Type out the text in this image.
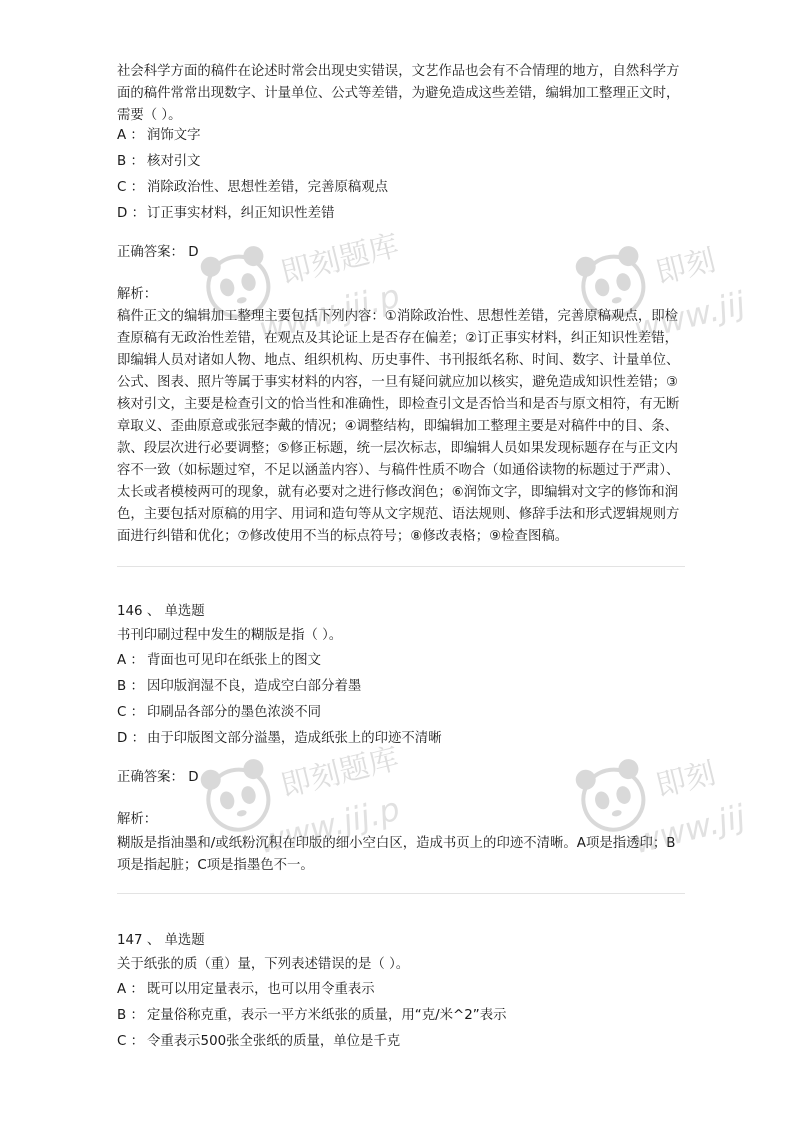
社会科学方面的稿件在论述时常会出现史实错误，文艺作品也会有不合情理的地方，自然科学方面的稿件常常出现数字、计量单位、公式等差错，为避免造成这些差错，编辑加工整理正文时，需要（ ）。

A ： 润饰文字

B ： 核对引文

C ： 消除政治性、思想性差错，完善原稿观点

D ： 订正事实材料，纠正知识性差错

正确答案： D

解析：

稿件正文的编辑加工整理主要包括下列内容：①消除政治性、思想性差错，完善原稿观点，即检查原稿有无政治性差错，在观点及其论证上是否存在偏差；②订正事实材料，纠正知识性差错，即编辑人员对诸如人物、地点、组织机构、历史事件、书刊报纸名称、时间、数字、计量单位、公式、图表、照片等属于事实材料的内容，一旦有疑问就应加以核实，避免造成知识性差错；③核对引文，主要是检查引文的恰当性和准确性，即检查引文是否恰当和是否与原文相符，有无断章取义、歪曲原意或张冠李戴的情况；④调整结构，即编辑加工整理主要是对稿件中的目、条、款、段层次进行必要调整；⑤修正标题，统一层次标志，即编辑人员如果发现标题存在与正文内容不一致（如标题过窄，不足以涵盖内容）、与稿件性质不吻合（如通俗读物的标题过于严肃）、太长或者模棱两可的现象，就有必要对之进行修改润色；⑥润饰文字，即编辑对文字的修饰和润色，主要包括对原稿的用字、用词和造句等从文字规范、语法规则、修辞手法和形式逻辑规则方面进行纠错和优化；⑦修改使用不当的标点符号；⑧修改表格；⑨检查图稿。

146 、 单选题

书刊印刷过程中发生的糊版是指（ ）。

A ： 背面也可见印在纸张上的图文

B ： 因印版润湿不良，造成空白部分着墨

C ： 印刷品各部分的墨色浓淡不同

D ： 由于印版图文部分溢墨，造成纸张上的印迹不清晰

正确答案： D

解析：

糊版是指油墨和/或纸粉沉积在印版的细小空白区，造成书页上的印迹不清晰。A项是指透印；B项是指起脏；C项是指墨色不一。

147 、 单选题

关于纸张的质（重）量，下列表述错误的是（ ）。

A ： 既可以用定量表示，也可以用令重表示

B ： 定量俗称克重，表示一平方米纸张的质量，用“克/米^2”表示

C ： 令重表示500张全张纸的质量，单位是千克

即刻题库
www.jij.p
即刻
www.jij
即刻题库
www.jij.p
即刻
www.jij
